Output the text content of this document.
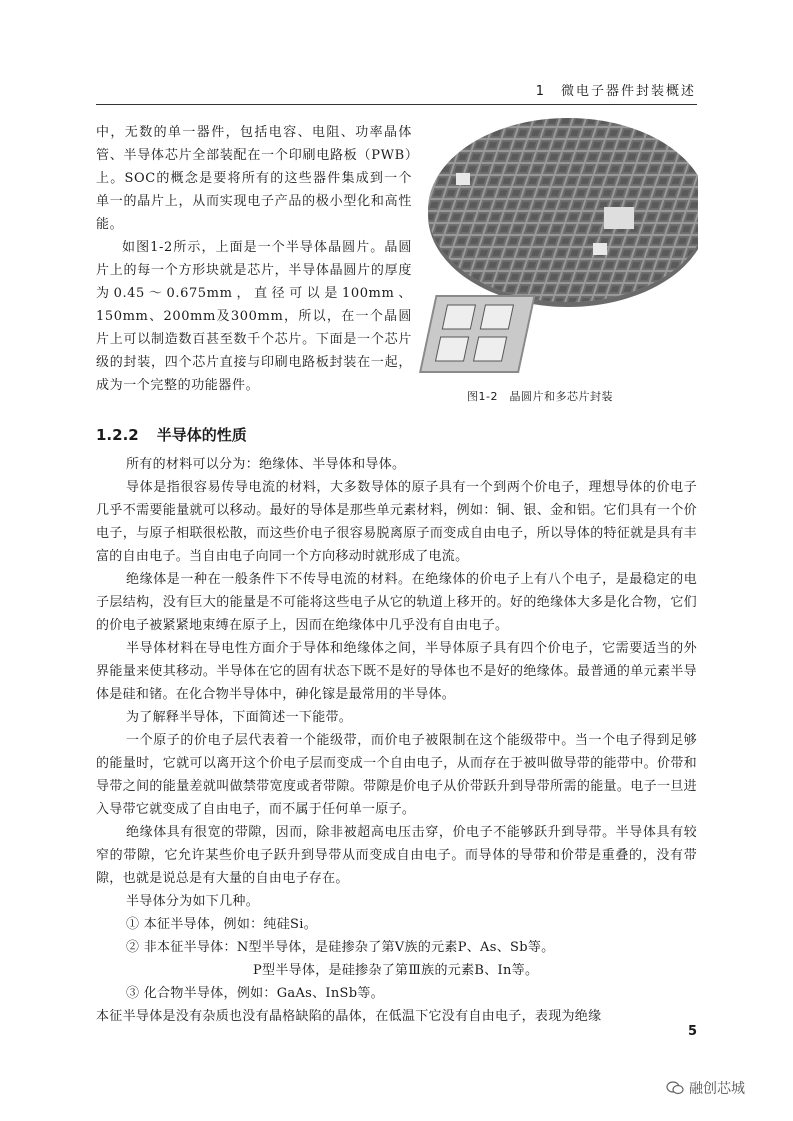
1　微电子器件封装概述

中，无数的单一器件，包括电容、电阻、功率晶体管、半导体芯片全部装配在一个印刷电路板（PWB）上。SOC的概念是要将所有的这些器件集成到一个单一的晶片上，从而实现电子产品的极小型化和高性能。

如图1-2所示，上面是一个半导体晶圆片。晶圆片上的每一个方形块就是芯片，半导体晶圆片的厚度为0.45～0.675mm，直径可以是100mm、150mm、200mm及300mm，所以，在一个晶圆片上可以制造数百甚至数千个芯片。下面是一个芯片级的封装，四个芯片直接与印刷电路板封装在一起，成为一个完整的功能器件。

图1-2　晶圆片和多芯片封装
1.2.2 半导体的性质

所有的材料可以分为：绝缘体、半导体和导体。

导体是指很容易传导电流的材料，大多数导体的原子具有一个到两个价电子，理想导体的价电子几乎不需要能量就可以移动。最好的导体是那些单元素材料，例如：铜、银、金和铝。它们具有一个价电子，与原子相联很松散，而这些价电子很容易脱离原子而变成自由电子，所以导体的特征就是具有丰富的自由电子。当自由电子向同一个方向移动时就形成了电流。

绝缘体是一种在一般条件下不传导电流的材料。在绝缘体的价电子上有八个电子，是最稳定的电子层结构，没有巨大的能量是不可能将这些电子从它的轨道上移开的。好的绝缘体大多是化合物，它们的价电子被紧紧地束缚在原子上，因而在绝缘体中几乎没有自由电子。

半导体材料在导电性方面介于导体和绝缘体之间，半导体原子具有四个价电子，它需要适当的外界能量来使其移动。半导体在它的固有状态下既不是好的导体也不是好的绝缘体。最普通的单元素半导体是硅和锗。在化合物半导体中，砷化镓是最常用的半导体。

为了解释半导体，下面简述一下能带。

一个原子的价电子层代表着一个能级带，而价电子被限制在这个能级带中。当一个电子得到足够的能量时，它就可以离开这个价电子层而变成一个自由电子，从而存在于被叫做导带的能带中。价带和导带之间的能量差就叫做禁带宽度或者带隙。带隙是价电子从价带跃升到导带所需的能量。电子一旦进入导带它就变成了自由电子，而不属于任何单一原子。

绝缘体具有很宽的带隙，因而，除非被超高电压击穿，价电子不能够跃升到导带。半导体具有较窄的带隙，它允许某些价电子跃升到导带从而变成自由电子。而导体的导带和价带是重叠的，没有带隙，也就是说总是有大量的自由电子存在。

半导体分为如下几种。

① 本征半导体，例如：纯硅Si。

② 非本征半导体：N型半导体，是硅掺杂了第Ⅴ族的元素P、As、Sb等。

P型半导体，是硅掺杂了第Ⅲ族的元素B、In等。

③ 化合物半导体，例如：GaAs、InSb等。

本征半导体是没有杂质也没有晶格缺陷的晶体，在低温下它没有自由电子，表现为绝缘

5
融创芯城
